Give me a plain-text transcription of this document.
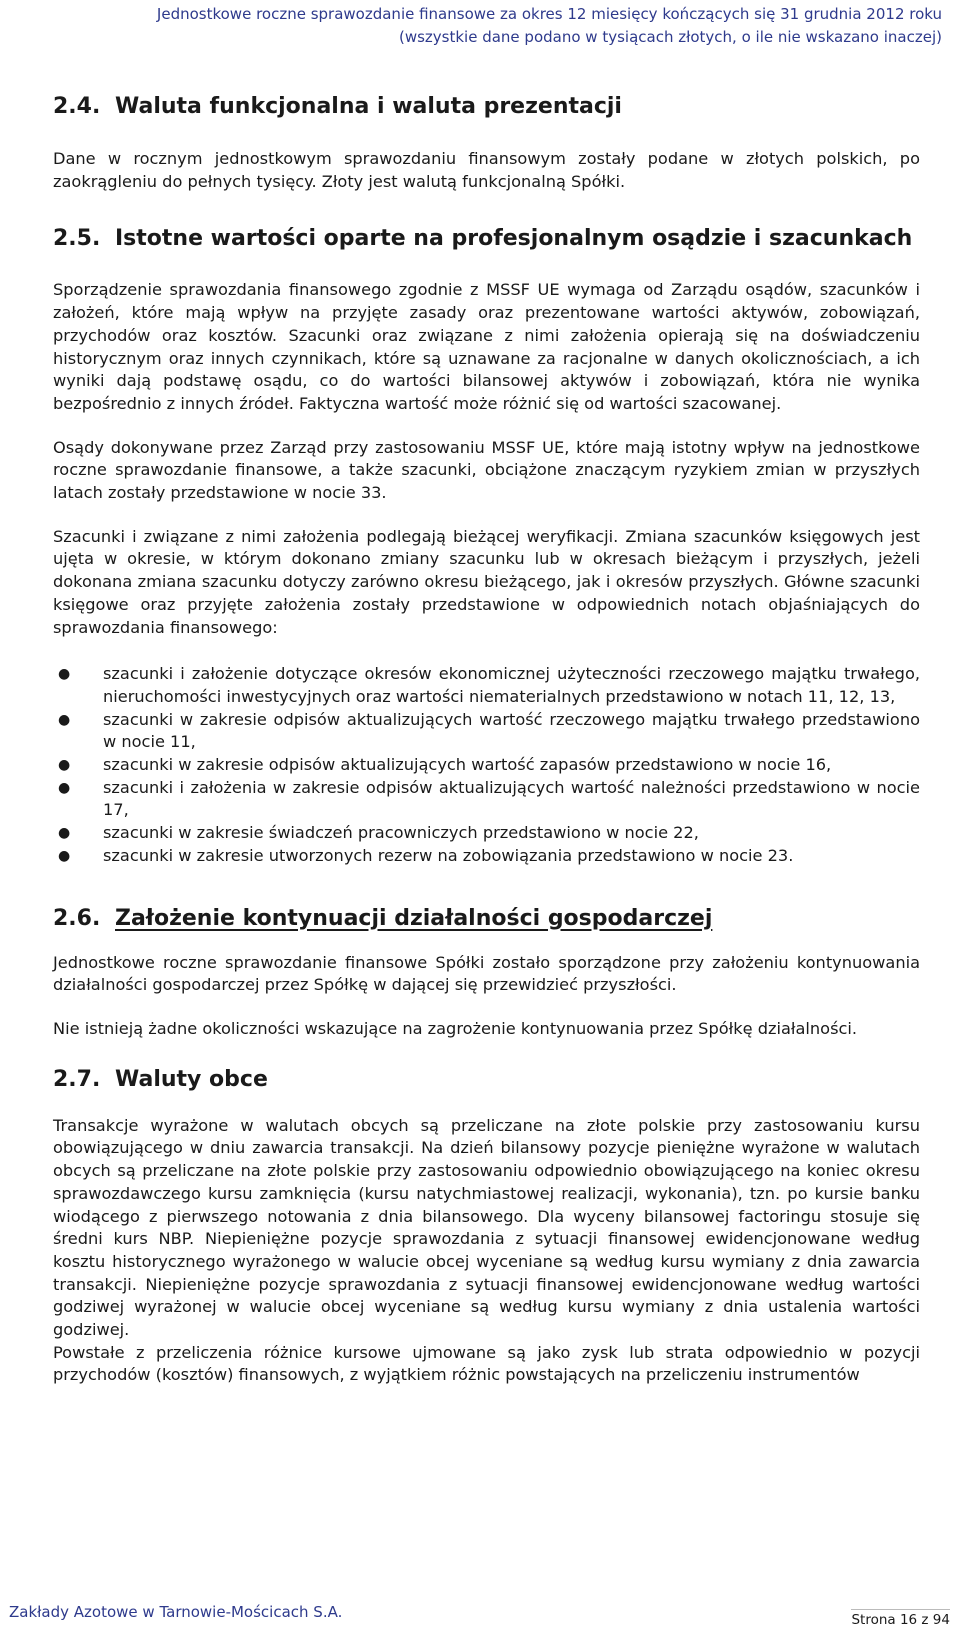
Jednostkowe roczne sprawozdanie finansowe za okres 12 miesięcy kończących się 31 grudnia 2012 roku
(wszystkie dane podano w tysiącach złotych, o ile nie wskazano inaczej)
2.4. Waluta funkcjonalna i waluta prezentacji

Dane w rocznym jednostkowym sprawozdaniu finansowym zostały podane w złotych polskich, po zaokrągleniu do pełnych tysięcy. Złoty jest walutą funkcjonalną Spółki.

2.5. Istotne wartości oparte na profesjonalnym osądzie i szacunkach

Sporządzenie sprawozdania finansowego zgodnie z MSSF UE wymaga od Zarządu osądów, szacunków i założeń, które mają wpływ na przyjęte zasady oraz prezentowane wartości aktywów, zobowiązań, przychodów oraz kosztów. Szacunki oraz związane z nimi założenia opierają się na doświadczeniu historycznym oraz innych czynnikach, które są uznawane za racjonalne w danych okolicznościach, a ich wyniki dają podstawę osądu, co do wartości bilansowej aktywów i zobowiązań, która nie wynika bezpośrednio z innych źródeł. Faktyczna wartość może różnić się od wartości szacowanej.

Osądy dokonywane przez Zarząd przy zastosowaniu MSSF UE, które mają istotny wpływ na jednostkowe roczne sprawozdanie finansowe, a także szacunki, obciążone znaczącym ryzykiem zmian w przyszłych latach zostały przedstawione w nocie 33.

Szacunki i związane z nimi założenia podlegają bieżącej weryfikacji. Zmiana szacunków księgowych jest ujęta w okresie, w którym dokonano zmiany szacunku lub w okresach bieżącym i przyszłych, jeżeli dokonana zmiana szacunku dotyczy zarówno okresu bieżącego, jak i okresów przyszłych. Główne szacunki księgowe oraz przyjęte założenia zostały przedstawione w odpowiednich notach objaśniających do sprawozdania finansowego:

● szacunki i założenie dotyczące okresów ekonomicznej użyteczności rzeczowego majątku trwałego, nieruchomości inwestycyjnych oraz wartości niematerialnych przedstawiono w notach 11, 12, 13,
● szacunki w zakresie odpisów aktualizujących wartość rzeczowego majątku trwałego przedstawiono w nocie 11,
● szacunki w zakresie odpisów aktualizujących wartość zapasów przedstawiono w nocie 16,
● szacunki i założenia w zakresie odpisów aktualizujących wartość należności przedstawiono w nocie 17,
● szacunki w zakresie świadczeń pracowniczych przedstawiono w nocie 22,
● szacunki w zakresie utworzonych rezerw na zobowiązania przedstawiono w nocie 23.
2.6. Założenie kontynuacji działalności gospodarczej

Jednostkowe roczne sprawozdanie finansowe Spółki zostało sporządzone przy założeniu kontynuowania działalności gospodarczej przez Spółkę w dającej się przewidzieć przyszłości.

Nie istnieją żadne okoliczności wskazujące na zagrożenie kontynuowania przez Spółkę działalności.

2.7. Waluty obce

Transakcje wyrażone w walutach obcych są przeliczane na złote polskie przy zastosowaniu kursu obowiązującego w dniu zawarcia transakcji. Na dzień bilansowy pozycje pieniężne wyrażone w walutach obcych są przeliczane na złote polskie przy zastosowaniu odpowiednio obowiązującego na koniec okresu sprawozdawczego kursu zamknięcia (kursu natychmiastowej realizacji, wykonania), tzn. po kursie banku wiodącego z pierwszego notowania z dnia bilansowego. Dla wyceny bilansowej factoringu stosuje się średni kurs NBP. Niepieniężne pozycje sprawozdania z sytuacji finansowej ewidencjonowane według kosztu historycznego wyrażonego w walucie obcej wyceniane są według kursu wymiany z dnia zawarcia transakcji. Niepieniężne pozycje sprawozdania z sytuacji finansowej ewidencjonowane według wartości godziwej wyrażonej w walucie obcej wyceniane są według kursu wymiany z dnia ustalenia wartości godziwej.

Powstałe z przeliczenia różnice kursowe ujmowane są jako zysk lub strata odpowiednio w pozycji przychodów (kosztów) finansowych, z wyjątkiem różnic powstających na przeliczeniu instrumentów

Zakłady Azotowe w Tarnowie-Mościcach S.A.	Strona 16 z 94
